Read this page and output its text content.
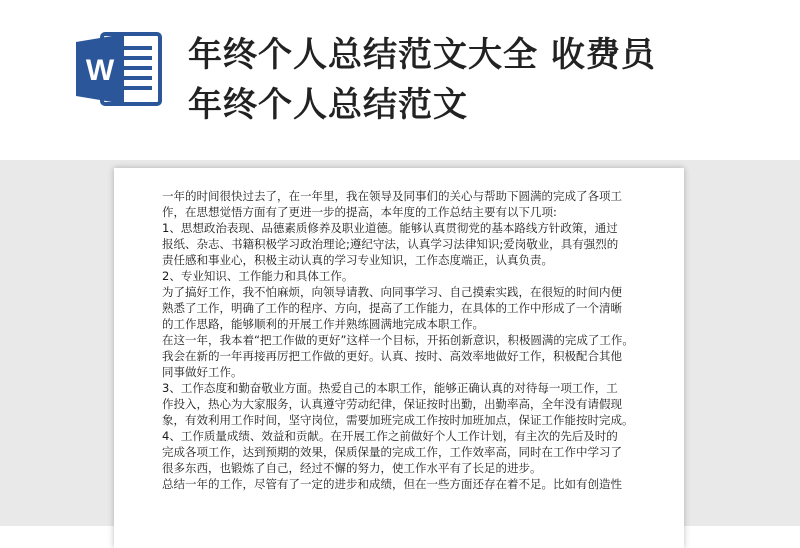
W 年终个人总结范文大全 收费员
年终个人总结范文
一年的时间很快过去了，在一年里，我在领导及同事们的关心与帮助下圆满的完成了各项工
作，在思想觉悟方面有了更进一步的提高，本年度的工作总结主要有以下几项:
1、思想政治表现、品德素质修养及职业道德。能够认真贯彻党的基本路线方针政策，通过
报纸、杂志、书籍积极学习政治理论;遵纪守法，认真学习法律知识;爱岗敬业，具有强烈的
责任感和事业心，积极主动认真的学习专业知识，工作态度端正，认真负责。
2、专业知识、工作能力和具体工作。
为了搞好工作，我不怕麻烦，向领导请教、向同事学习、自己摸索实践，在很短的时间内便
熟悉了工作，明确了工作的程序、方向，提高了工作能力，在具体的工作中形成了一个清晰
的工作思路，能够顺利的开展工作并熟练圆满地完成本职工作。
在这一年，我本着“把工作做的更好”这样一个目标，开拓创新意识，积极圆满的完成了工作。
我会在新的一年再接再厉把工作做的更好。认真、按时、高效率地做好工作，积极配合其他
同事做好工作。
3、工作态度和勤奋敬业方面。热爱自己的本职工作，能够正确认真的对待每一项工作，工
作投入，热心为大家服务，认真遵守劳动纪律，保证按时出勤，出勤率高，全年没有请假现
象，有效利用工作时间，坚守岗位，需要加班完成工作按时加班加点，保证工作能按时完成。
4、工作质量成绩、效益和贡献。在开展工作之前做好个人工作计划，有主次的先后及时的
完成各项工作，达到预期的效果，保质保量的完成工作，工作效率高，同时在工作中学习了
很多东西，也锻炼了自己，经过不懈的努力，使工作水平有了长足的进步。
总结一年的工作，尽管有了一定的进步和成绩，但在一些方面还存在着不足。比如有创造性
